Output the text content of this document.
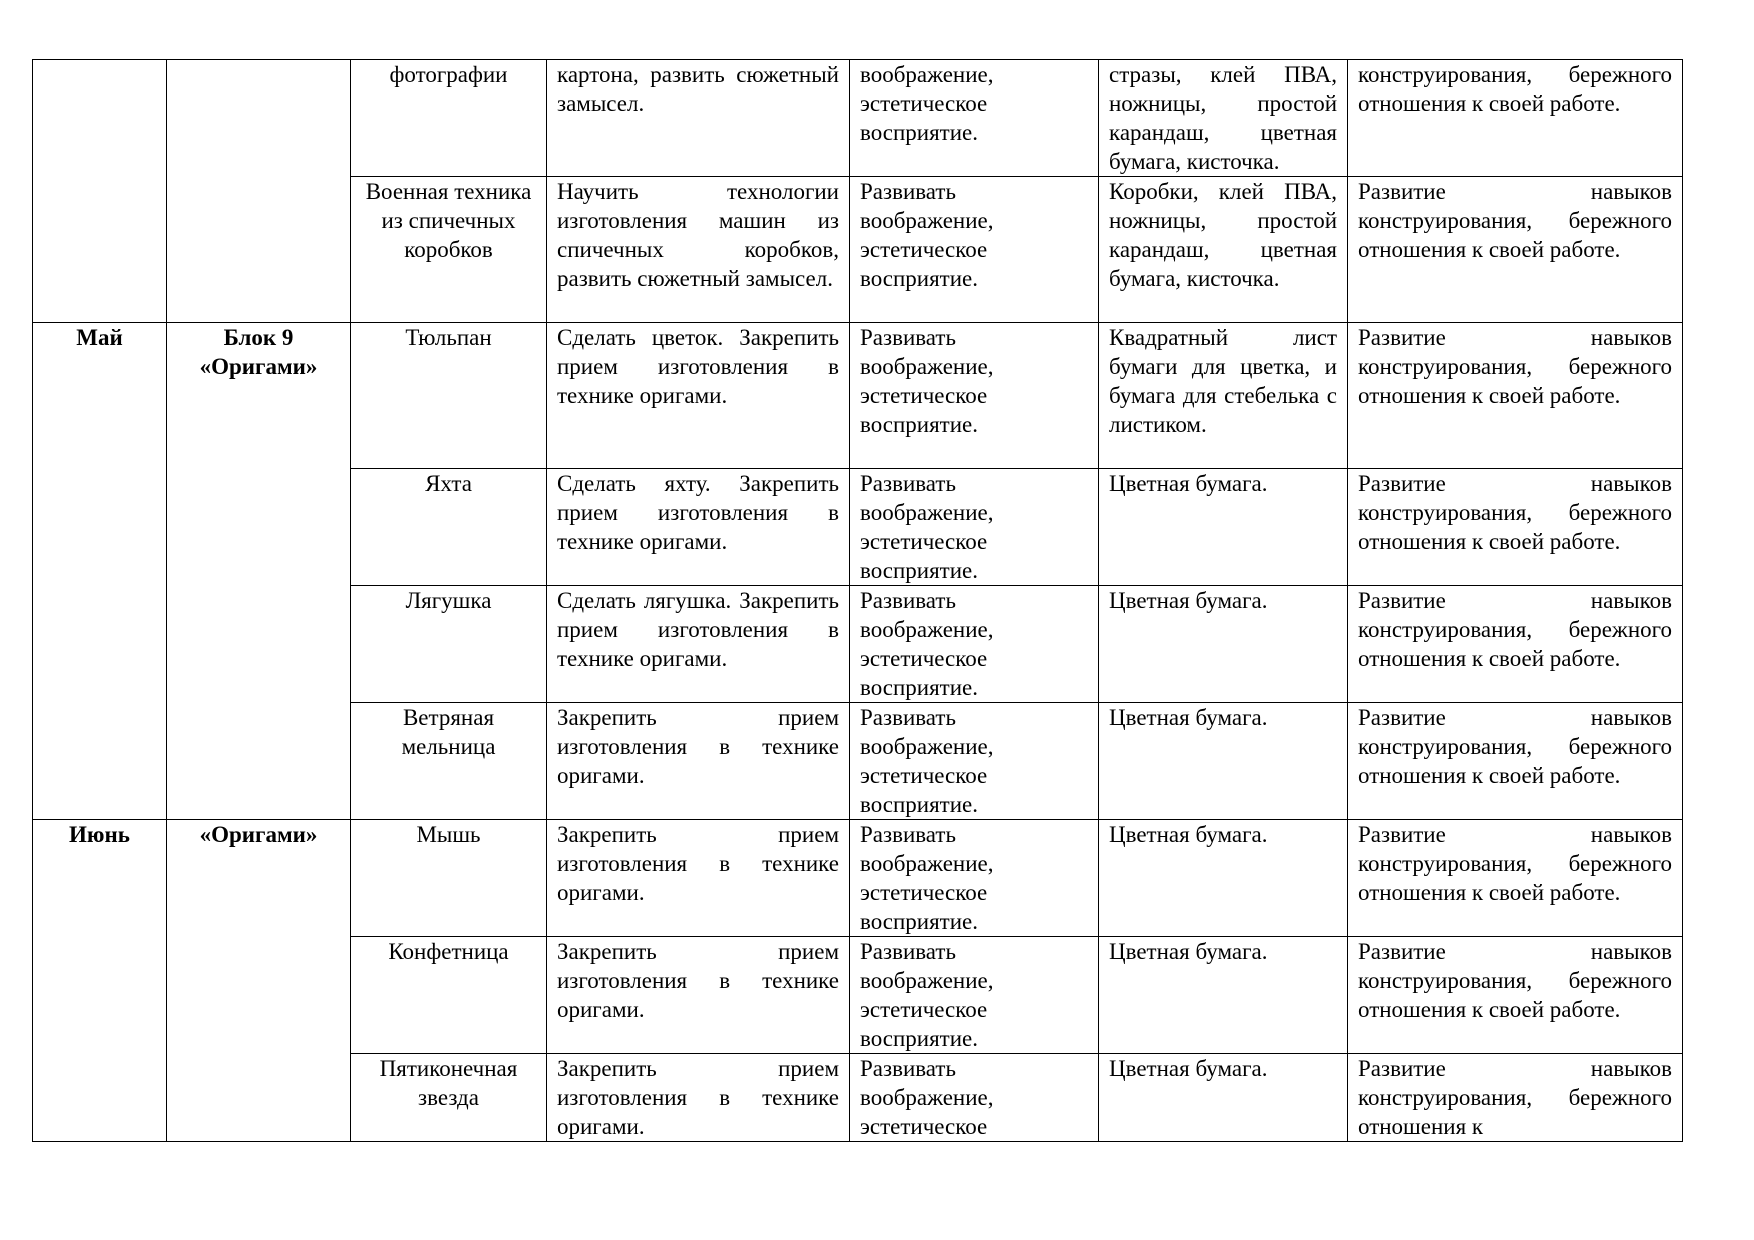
		фотографии	картона, развить сюжетный замысел.	воображение, эстетическое восприятие.	стразы, клей ПВА, ножницы, простой карандаш, цветная бумага, кисточка.	конструирования, бережного отношения к своей работе.
		Военная техника из спичечных коробков	Научить технологии изготовления машин из спичечных коробков, развить сюжетный замысел.	Развивать воображение, эстетическое восприятие.	Коробки, клей ПВА, ножницы, простой карандаш, цветная бумага, кисточка.	Развитие навыков конструирования, бережного отношения к своей работе.
Май	Блок 9 «Оригами»	Тюльпан	Сделать цветок. Закрепить прием изготовления в технике оригами.	Развивать воображение, эстетическое восприятие.	Квадратный лист бумаги для цветка, и бумага для стебелька с листиком.	Развитие навыков конструирования, бережного отношения к своей работе.
		Яхта	Сделать яхту. Закрепить прием изготовления в технике оригами.	Развивать воображение, эстетическое восприятие.	Цветная бумага.	Развитие навыков конструирования, бережного отношения к своей работе.
		Лягушка	Сделать лягушка. Закрепить прием изготовления в технике оригами.	Развивать воображение, эстетическое восприятие.	Цветная бумага.	Развитие навыков конструирования, бережного отношения к своей работе.
		Ветряная мельница	Закрепить прием изготовления в технике оригами.	Развивать воображение, эстетическое восприятие.	Цветная бумага.	Развитие навыков конструирования, бережного отношения к своей работе.
Июнь	«Оригами»	Мышь	Закрепить прием изготовления в технике оригами.	Развивать воображение, эстетическое восприятие.	Цветная бумага.	Развитие навыков конструирования, бережного отношения к своей работе.
		Конфетница	Закрепить прием изготовления в технике оригами.	Развивать воображение, эстетическое восприятие.	Цветная бумага.	Развитие навыков конструирования, бережного отношения к своей работе.
		Пятиконечная звезда	Закрепить прием изготовления в технике оригами.	Развивать воображение, эстетическое	Цветная бумага.	Развитие навыков конструирования, бережного отношения к
